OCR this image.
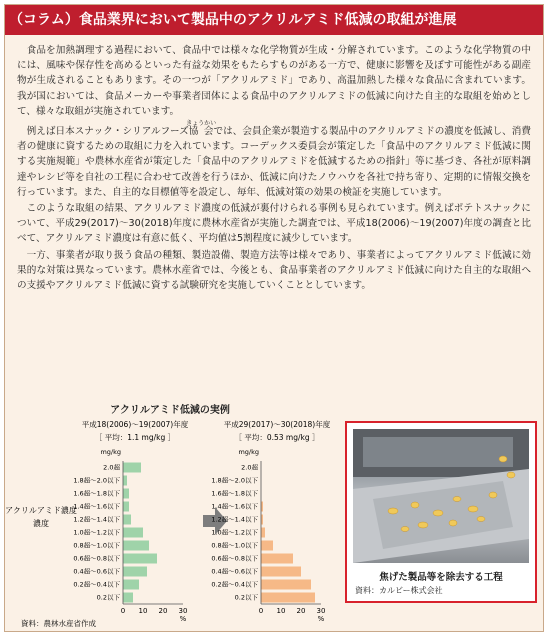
（コラム）食品業界において製品中のアクリルアミド低減の取組が進展

食品を加熱調理する過程において、食品中では様々な化学物質が生成・分解されています。このような化学物質の中には、風味や保存性を高めるといった有益な効果をもたらすものがある一方で、健康に影響を及ぼす可能性がある副産物が生成されることもあります。その一つが「アクリルアミド」であり、高温加熱した様々な食品に含まれています。我が国においては、食品メーカーや事業者団体による食品中のアクリルアミドの低減に向けた自主的な取組を始めとして、様々な取組が実施されています。

例えば日本スナック・シリアルフーズ協会きょうかいでは、会員企業が製造する製品中のアクリルアミドの濃度を低減し、消費者の健康に資するための取組に力を入れています。コーデックス委員会が策定した「食品中のアクリルアミド低減に関する実施規範」や農林水産省が策定した「食品中のアクリルアミドを低減するための指針」等に基づき、各社が原料調達やレシピ等を自社の工程に合わせて改善を行うほか、低減に向けたノウハウを各社で持ち寄り、定期的に情報交換を行っています。また、自主的な目標値等を設定し、毎年、低減対策の効果の検証を実施しています。

このような取組の結果、アクリルアミド濃度の低減が裏付けられる事例も見られています。例えばポテトスナックについて、平成29(2017)〜30(2018)年度に農林水産省が実施した調査では、平成18(2006)〜19(2007)年度の調査と比べて、アクリルアミド濃度は有意に低く、平均値は5割程度に減少しています。

一方、事業者が取り扱う食品の種類、製造設備、製造方法等は様々であり、事業者によってアクリルアミド低減に効果的な対策は異なっています。農林水産省では、今後とも、食品事業者のアクリルアミド低減に向けた自主的な取組への支援やアクリルアミド低減に資する試験研究を実施していくこととしています。

アクリルアミド低減の実例
平成18(2006)〜19(2007)年度
［ 平均：1.1 mg/kg ］
平成29(2017)〜30(2018)年度
［ 平均：0.53 mg/kg ］
mg/kg	mg/kg
アクリルアミド濃度
濃度
2.0超
1.8超〜2.0以下
1.6超〜1.8以下
1.4超〜1.6以下
1.2超〜1.4以下
1.0超〜1.2以下
0.8超〜1.0以下
0.6超〜0.8以下
0.4超〜0.6以下
0.2超〜0.4以下
0.2以下
0 10 20 30
%
2.0超
1.8超〜2.0以下
1.6超〜1.8以下
1.4超〜1.6以下
1.2超〜1.4以下
1.0超〜1.2以下
0.8超〜1.0以下
0.6超〜0.8以下
0.4超〜0.6以下
0.2超〜0.4以下
0.2以下
0 10 20 30
%
資料：農林水産省作成
焦げた製品等を除去する工程
資料：カルビー株式会社
